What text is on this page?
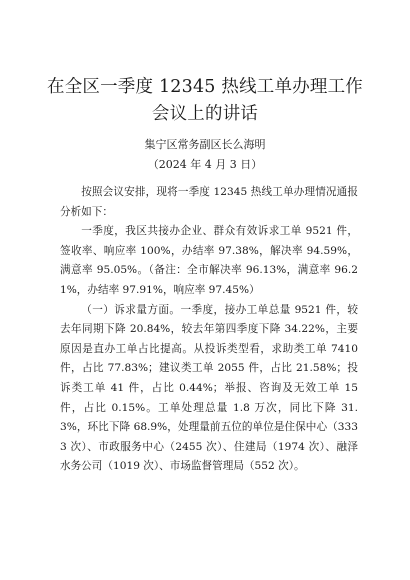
在全区一季度 12345 热线工单办理工作会议上的讲话
集宁区常务副区长么海明
（2024 年 4 月 3 日）

按照会议安排，现将一季度 12345 热线工单办理情况通报分析如下：

一季度，我区共接办企业、群众有效诉求工单 9521 件，签收率、响应率 100%，办结率 97.38%，解决率 94.59%，满意率 95.05%。（备注：全市解决率 96.13%，满意率 96.21%，办结率 97.91%，响应率 97.45%）

（一）诉求量方面。一季度，接办工单总量 9521 件，较去年同期下降 20.84%，较去年第四季度下降 34.22%，主要原因是直办工单占比提高。从投诉类型看，求助类工单 7410 件，占比 77.83%；建议类工单 2055 件，占比 21.58%；投诉类工单 41 件，占比 0.44%；举报、咨询及无效工单 15 件，占比 0.15%。工单处理总量 1.8 万次，同比下降 31.3%，环比下降 68.9%，处理量前五位的单位是住保中心（3333 次）、市政服务中心（2455 次）、住建局（1974 次）、融泽水务公司（1019 次）、市场监督管理局（552 次）。
